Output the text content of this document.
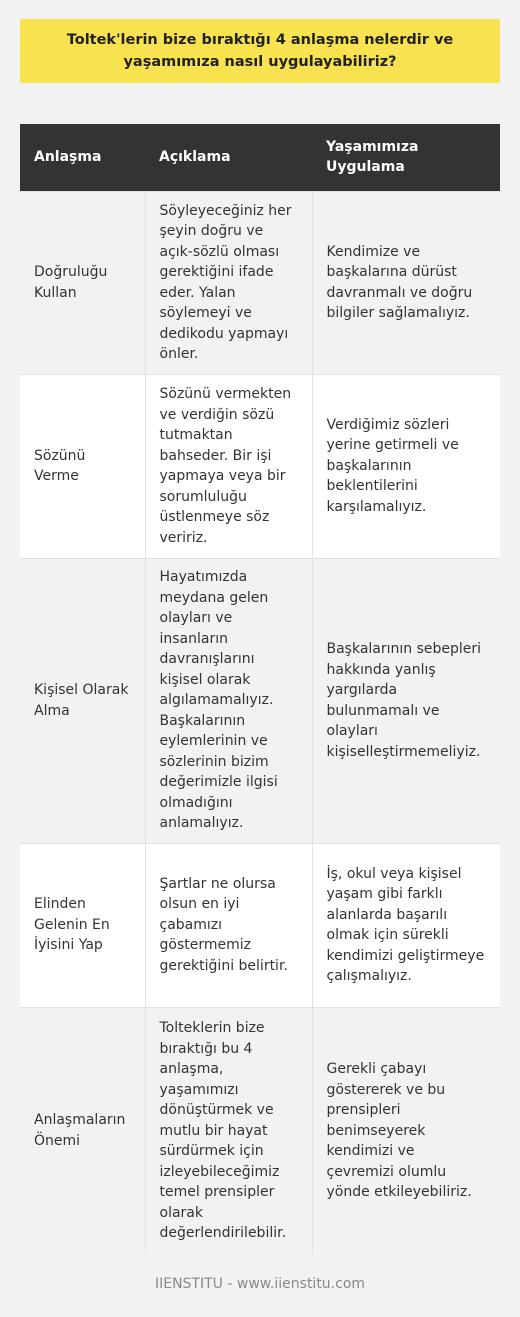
Toltek'lerin bize bıraktığı 4 anlaşma nelerdir ve yaşamımıza nasıl uygulayabiliriz?
Anlaşma	Açıklama	Yaşamımıza Uygulama
Doğruluğu Kullan	Söyleyeceğiniz her şeyin doğru ve açık-sözlü olması gerektiğini ifade eder. Yalan söylemeyi ve dedikodu yapmayı önler.	Kendimize ve başkalarına dürüst davranmalı ve doğru bilgiler sağlamalıyız.
Sözünü Verme	Sözünü vermekten ve verdiğin sözü tutmaktan bahseder. Bir işi yapmaya veya bir sorumluluğu üstlenmeye söz veririz.	Verdiğimiz sözleri yerine getirmeli ve başkalarının beklentilerini karşılamalıyız.
Kişisel Olarak Alma	Hayatımızda meydana gelen olayları ve insanların davranışlarını kişisel olarak algılamamalıyız. Başkalarının eylemlerinin ve sözlerinin bizim değerimizle ilgisi olmadığını anlamalıyız.	Başkalarının sebepleri hakkında yanlış yargılarda bulunmamalı ve olayları kişiselleştirmemeliyiz.
Elinden Gelenin En İyisini Yap	Şartlar ne olursa olsun en iyi çabamızı göstermemiz gerektiğini belirtir.	İş, okul veya kişisel yaşam gibi farklı alanlarda başarılı olmak için sürekli kendimizi geliştirmeye çalışmalıyız.
Anlaşmaların Önemi	Tolteklerin bize bıraktığı bu 4 anlaşma, yaşamımızı dönüştürmek ve mutlu bir hayat sürdürmek için izleyebileceğimiz temel prensipler olarak değerlendirilebilir.	Gerekli çabayı göstererek ve bu prensipleri benimseyerek kendimizi ve çevremizi olumlu yönde etkileyebiliriz.
IIENSTITU - www.iienstitu.com
